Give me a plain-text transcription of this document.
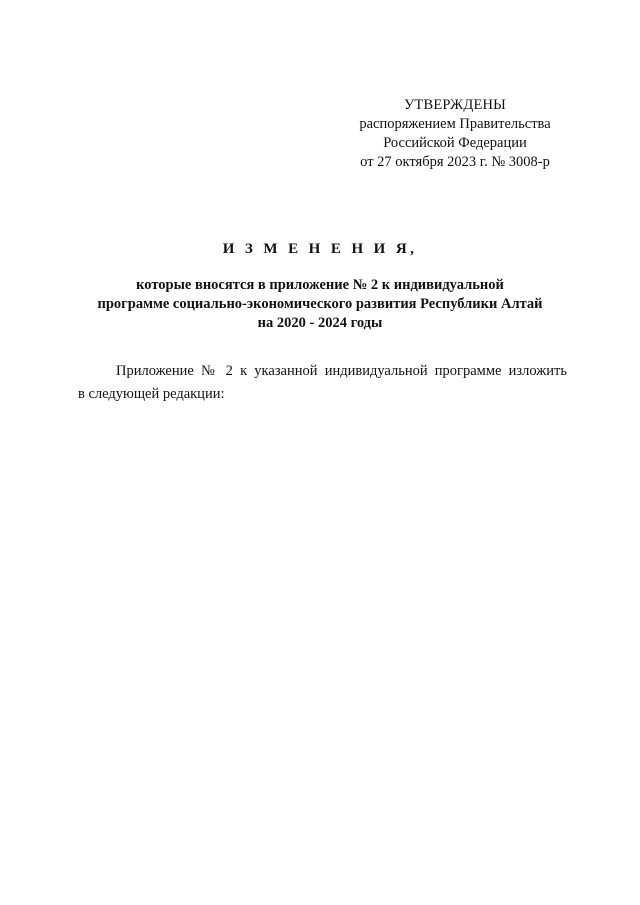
УТВЕРЖДЕНЫ
распоряжением Правительства
Российской Федерации
от 27 октября 2023 г. № 3008-р
И З М Е Н Е Н И Я,
которые вносятся в приложение № 2 к индивидуальной
программе социально-экономического развития Республики Алтай
на 2020 - 2024 годы
Приложение № 2 к указанной индивидуальной программе изложить
в следующей редакции:
